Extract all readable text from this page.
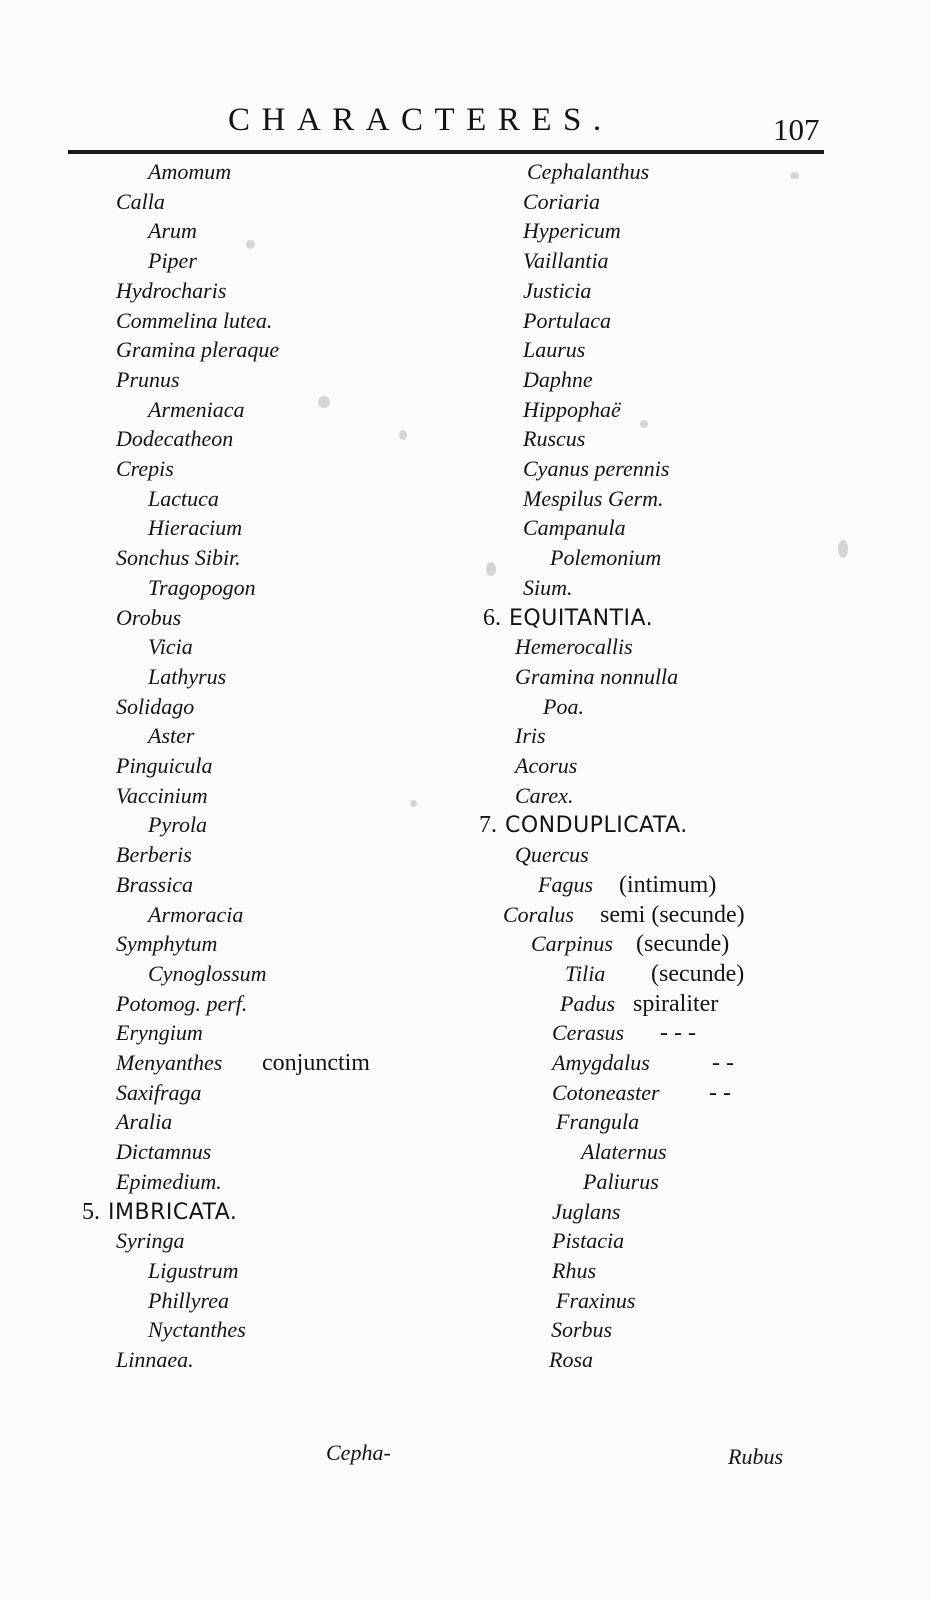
CHARACTERES.	107
Amomum
Calla
Arum
Piper
Hydrocharis
Commelina lutea.
Gramina pleraque
Prunus
Armeniaca
Dodecatheon
Crepis
Lactuca
Hieracium
Sonchus Sibir.
Tragopogon
Orobus
Vicia
Lathyrus
Solidago
Aster
Pinguicula
Vaccinium
Pyrola
Berberis
Brassica
Armoracia
Symphytum
Cynoglossum
Potomog. perf.
Eryngium
Menyanthes conjunctim
Saxifraga
Aralia
Dictamnus
Epimedium.
5. IMBRICATA.
Syringa
Ligustrum
Phillyrea
Nyctanthes
Linnaea.
Cephalanthus
Coriaria
Hypericum
Vaillantia
Justicia
Portulaca
Laurus
Daphne
Hippophaë
Ruscus
Cyanus perennis
Mespilus Germ.
Campanula
Polemonium
Sium.
6. EQUITANTIA.
Hemerocallis
Gramina nonnulla
Poa.
Iris
Acorus
Carex.
7. CONDUPLICATA.
Quercus
Fagus (intimum)
Coralus semi (secunde)
Carpinus (secunde)
Tilia (secunde)
Padus spiraliter
Cerasus - - -
Amygdalus	- -
Cotoneaster - -
Frangula
Alaternus
Paliurus
Juglans
Pistacia
Rhus
Fraxinus
Sorbus
Rosa
Cepha-	Rubus
